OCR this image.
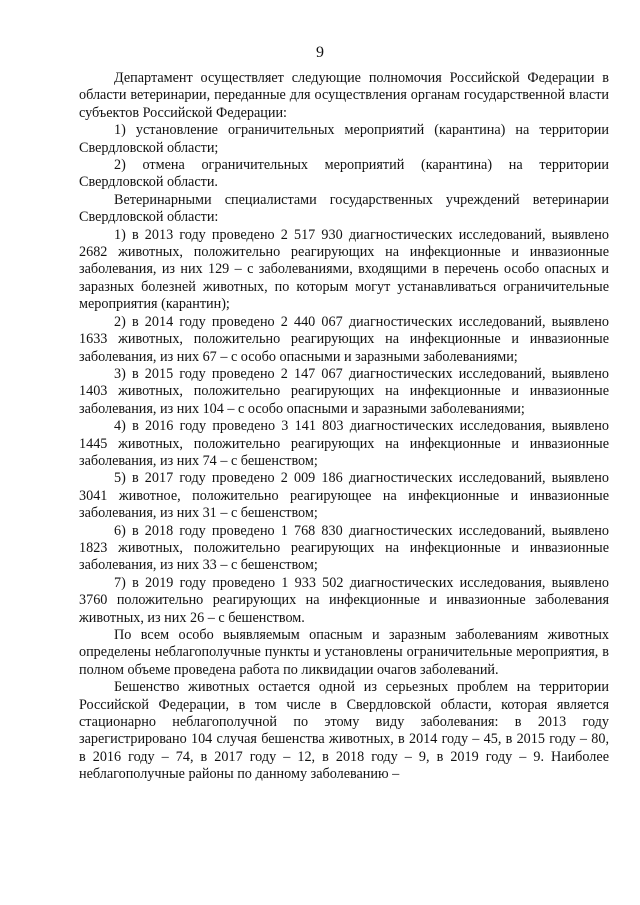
9

Департамент осуществляет следующие полномочия Российской Федерации в области ветеринарии, переданные для осуществления органам государственной власти субъектов Российской Федерации:

1) установление ограничительных мероприятий (карантина) на территории Свердловской области;

2) отмена ограничительных мероприятий (карантина) на территории Свердловской области.

Ветеринарными специалистами государственных учреждений ветеринарии Свердловской области:

1) в 2013 году проведено 2 517 930 диагностических исследований, выявлено 2682 животных, положительно реагирующих на инфекционные и инвазионные заболевания, из них 129 – с заболеваниями, входящими в перечень особо опасных и заразных болезней животных, по которым могут устанавливаться ограничительные мероприятия (карантин);

2) в 2014 году проведено 2 440 067 диагностических исследований, выявлено 1633 животных, положительно реагирующих на инфекционные и инвазионные заболевания, из них 67 – с особо опасными и заразными заболеваниями;

3) в 2015 году проведено 2 147 067 диагностических исследований, выявлено 1403 животных, положительно реагирующих на инфекционные и инвазионные заболевания, из них 104 – с особо опасными и заразными заболеваниями;

4) в 2016 году проведено 3 141 803 диагностических исследования, выявлено 1445 животных, положительно реагирующих на инфекционные и инвазионные заболевания, из них 74 – с бешенством;

5) в 2017 году проведено 2 009 186 диагностических исследований, выявлено 3041 животное, положительно реагирующее на инфекционные и инвазионные заболевания, из них 31 – с бешенством;

6) в 2018 году проведено 1 768 830 диагностических исследований, выявлено 1823 животных, положительно реагирующих на инфекционные и инвазионные заболевания, из них 33 – с бешенством;

7) в 2019 году проведено 1 933 502 диагностических исследования, выявлено 3760 положительно реагирующих на инфекционные и инвазионные заболевания животных, из них 26 – с бешенством.

По всем особо выявляемым опасным и заразным заболеваниям животных определены неблагополучные пункты и установлены ограничительные мероприятия, в полном объеме проведена работа по ликвидации очагов заболеваний.

Бешенство животных остается одной из серьезных проблем на территории Российской Федерации, в том числе в Свердловской области, которая является стационарно неблагополучной по этому виду заболевания: в 2013 году зарегистрировано 104 случая бешенства животных, в 2014 году – 45, в 2015 году – 80, в 2016 году – 74, в 2017 году – 12, в 2018 году – 9, в 2019 году – 9. Наиболее неблагополучные районы по данному заболеванию –
